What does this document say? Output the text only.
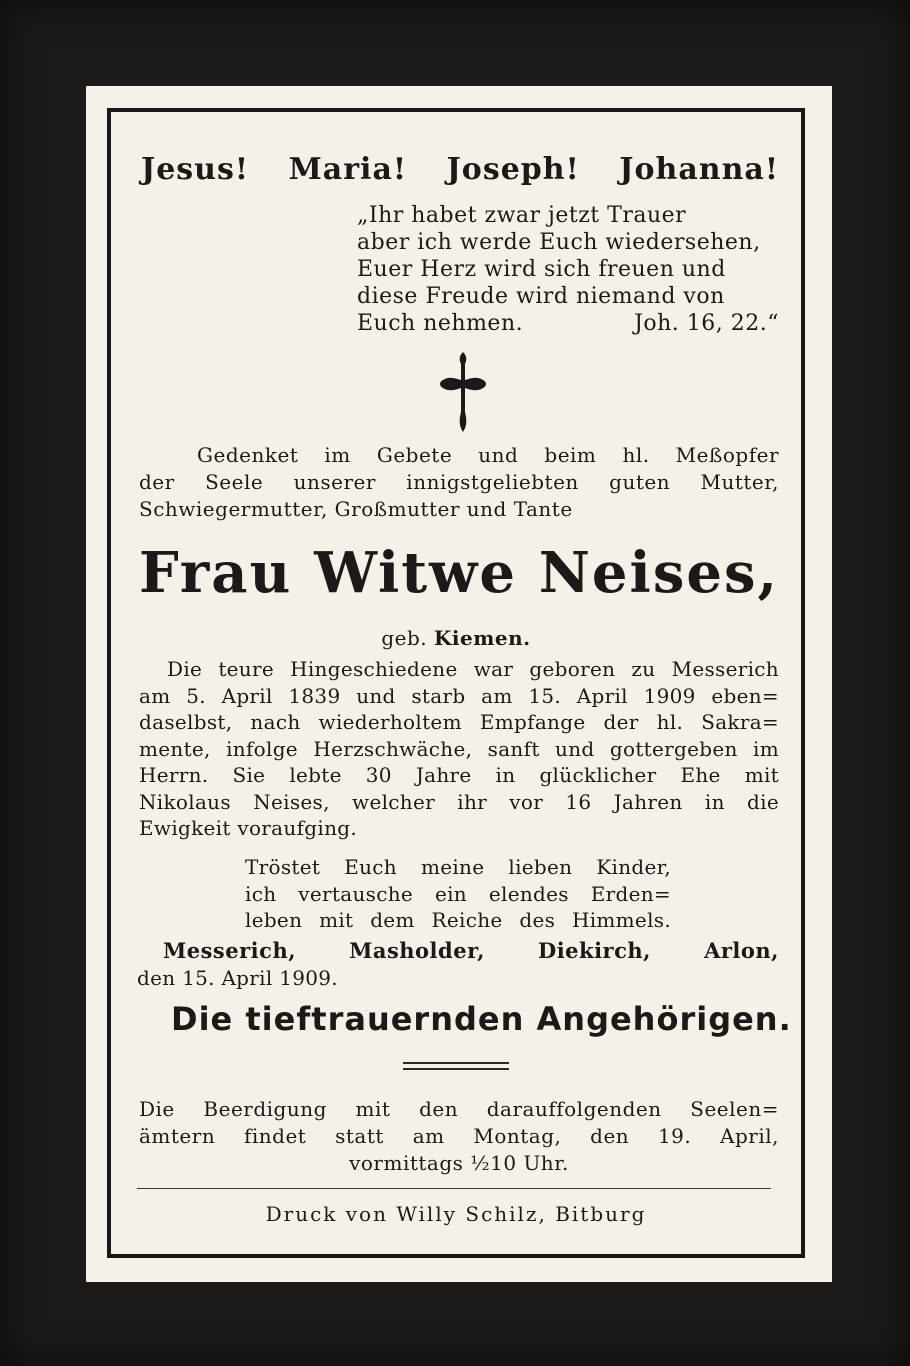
Jesus! Maria! Joseph! Johanna!

„Ihr habet zwar jetzt Trauer

aber ich werde Euch wiedersehen,

Euer Herz wird sich freuen und

diese Freude wird niemand von

Euch nehmen.	Joh. 16, 22.“

Gedenket im Gebete und beim hl. Meßopfer

der Seele unserer innigstgeliebten guten Mutter,

Schwiegermutter, Großmutter und Tante

Frau Witwe Neises,
geb. Kiemen.

Die teure Hingeschiedene war geboren zu Messerich

am 5. April 1839 und starb am 15. April 1909 eben=

daselbst, nach wiederholtem Empfange der hl. Sakra=

mente, infolge Herzschwäche, sanft und gottergeben im

Herrn. Sie lebte 30 Jahre in glücklicher Ehe mit

Nikolaus Neises, welcher ihr vor 16 Jahren in die

Ewigkeit voraufging.

Tröstet Euch meine lieben Kinder,

ich vertausche ein elendes Erden=

leben mit dem Reiche des Himmels.

Messerich,	Masholder,	Diekirch,	Arlon,
den 15. April 1909.
Die tieftrauernden Angehörigen.

Die Beerdigung mit den darauffolgenden Seelen=

ämtern findet statt am Montag, den 19. April,

vormittags ½10 Uhr.

Druck von Willy Schilz, Bitburg
